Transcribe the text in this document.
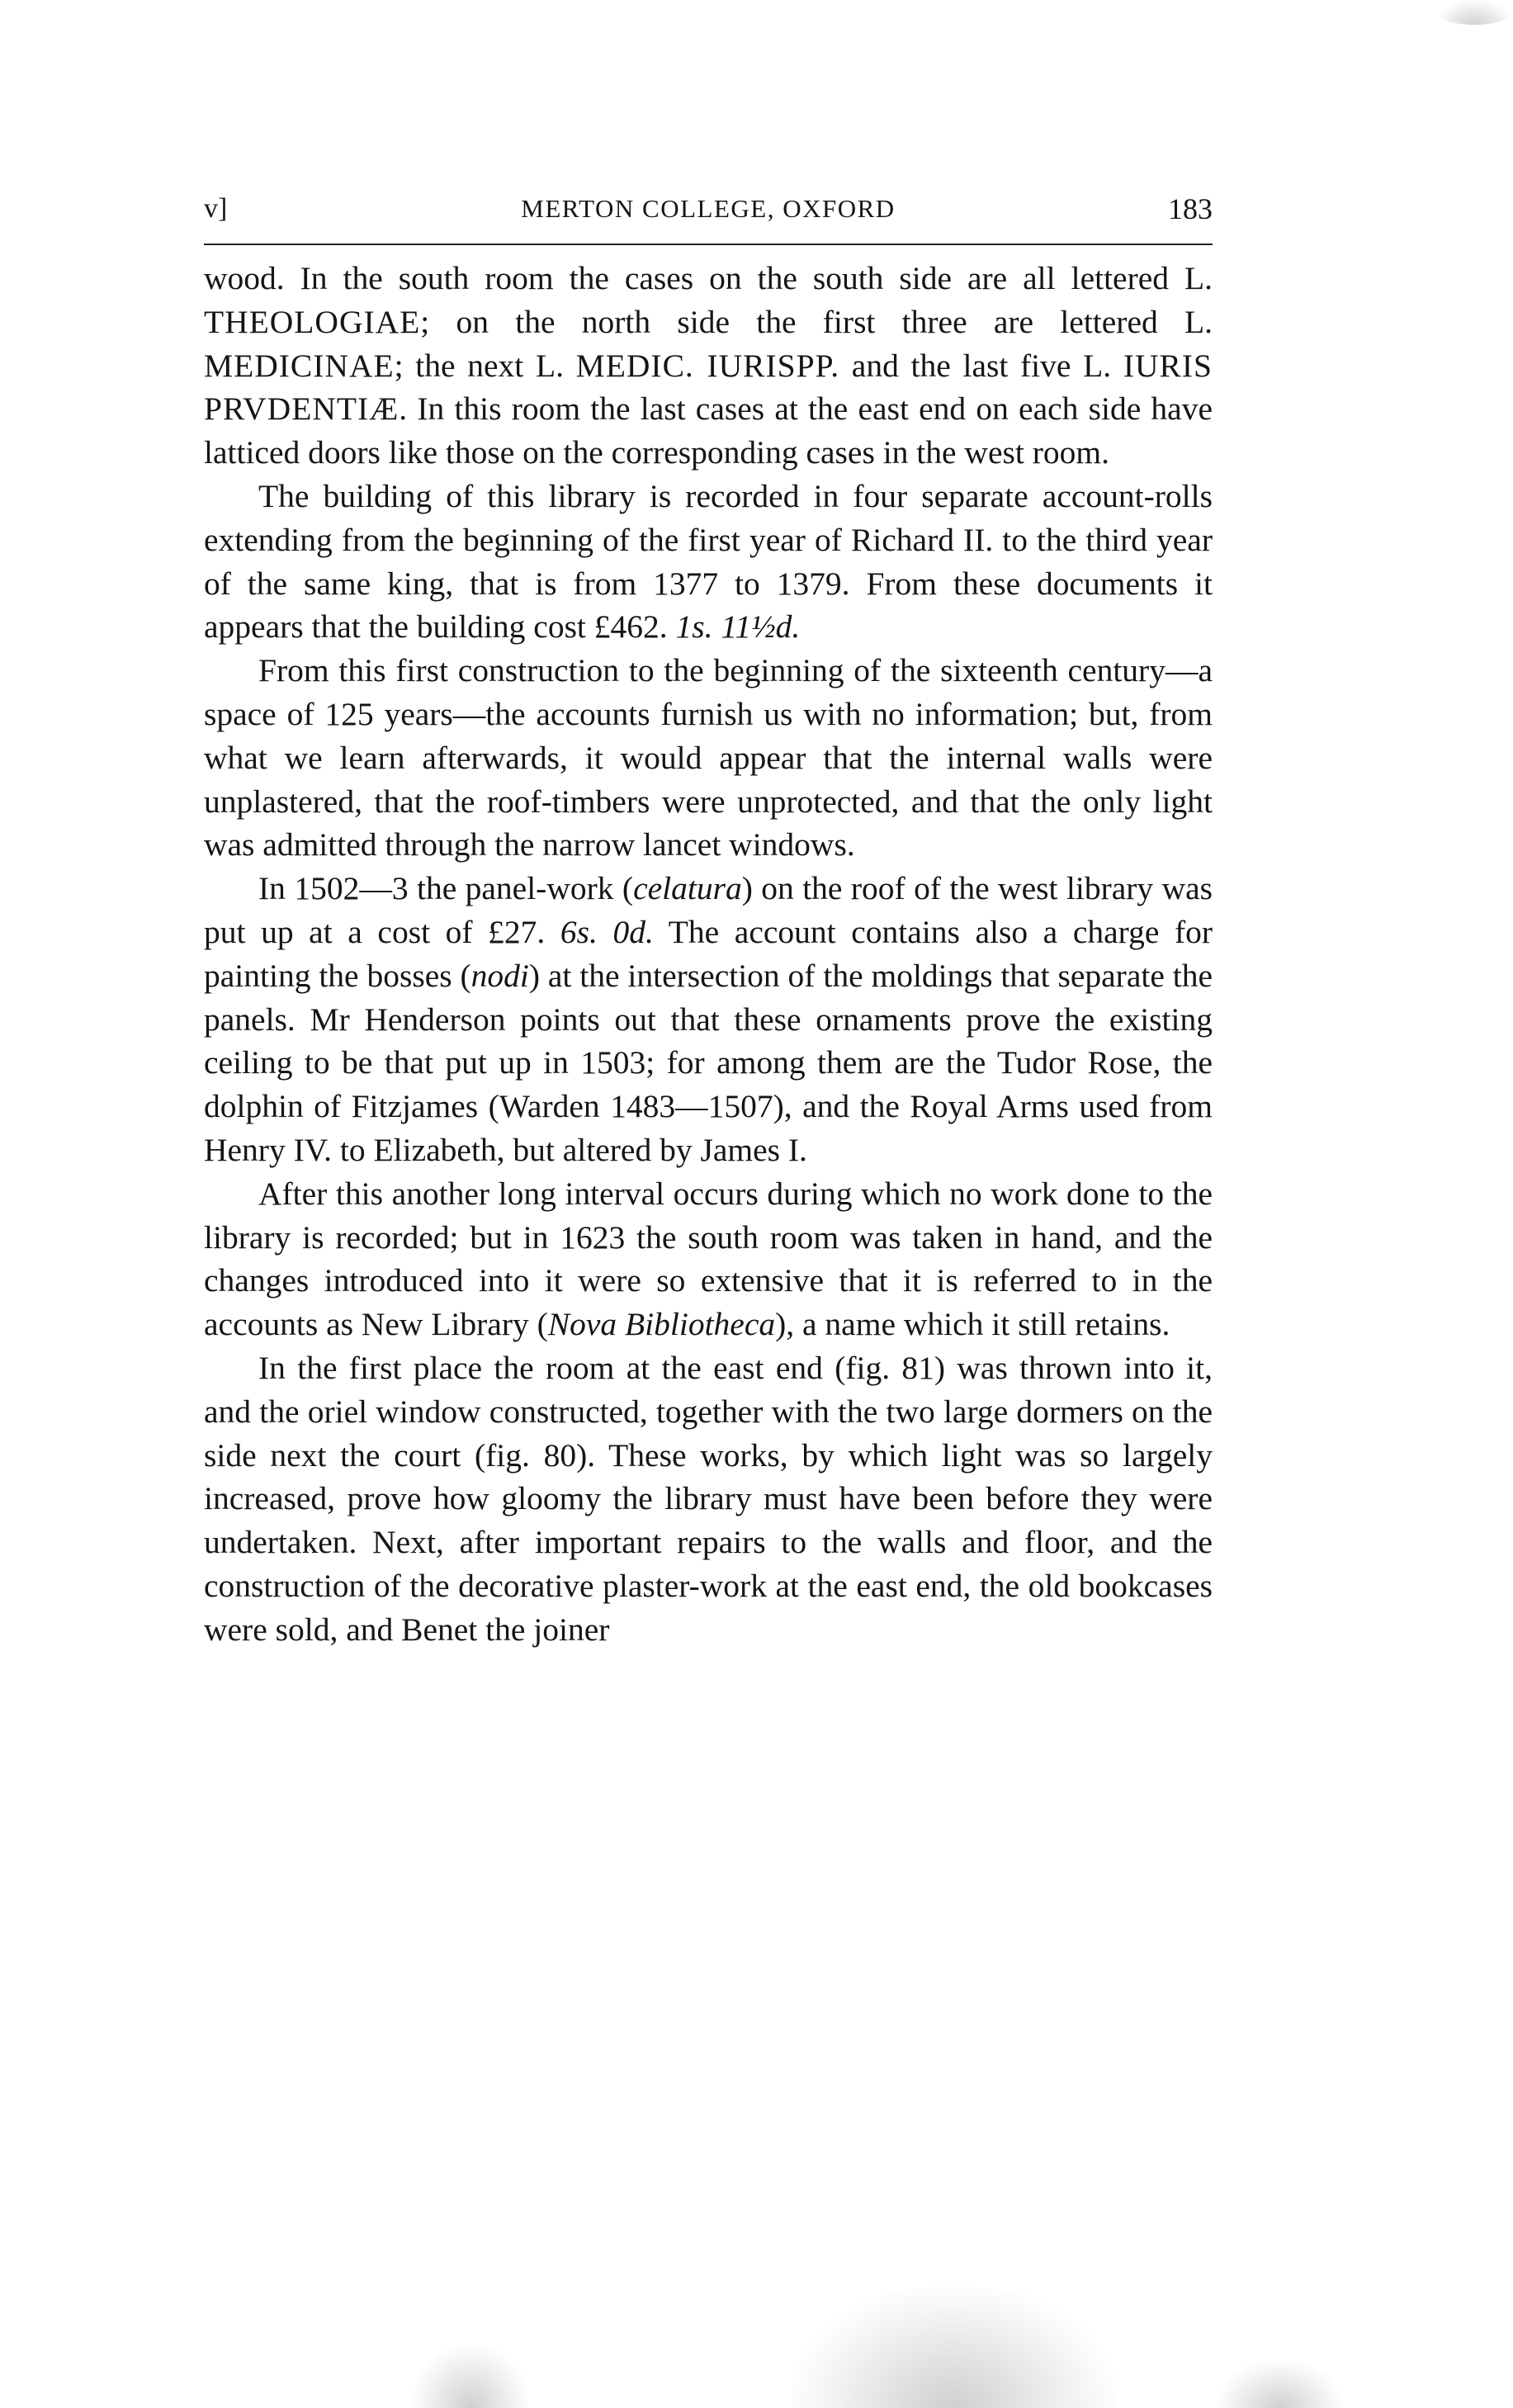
v]	MERTON COLLEGE, OXFORD	183

wood. In the south room the cases on the south side are all lettered L. THEOLOGIAE; on the north side the first three are lettered L. MEDICINAE; the next L. MEDIC. IURISPP. and the last five L. IURIS PRVDENTIÆ. In this room the last cases at the east end on each side have latticed doors like those on the corresponding cases in the west room.

The building of this library is recorded in four separate account-rolls extending from the beginning of the first year of Richard II. to the third year of the same king, that is from 1377 to 1379. From these documents it appears that the building cost £462. 1s. 11½d.

From this first construction to the beginning of the sixteenth century—a space of 125 years—the accounts furnish us with no information; but, from what we learn afterwards, it would appear that the internal walls were unplastered, that the roof-timbers were unprotected, and that the only light was admitted through the narrow lancet windows.

In 1502—3 the panel-work (celatura) on the roof of the west library was put up at a cost of £27. 6s. 0d. The account contains also a charge for painting the bosses (nodi) at the intersection of the moldings that separate the panels. Mr Henderson points out that these ornaments prove the existing ceiling to be that put up in 1503; for among them are the Tudor Rose, the dolphin of Fitzjames (Warden 1483—1507), and the Royal Arms used from Henry IV. to Elizabeth, but altered by James I.

After this another long interval occurs during which no work done to the library is recorded; but in 1623 the south room was taken in hand, and the changes introduced into it were so extensive that it is referred to in the accounts as New Library (Nova Bibliotheca), a name which it still retains.

In the first place the room at the east end (fig. 81) was thrown into it, and the oriel window constructed, together with the two large dormers on the side next the court (fig. 80). These works, by which light was so largely increased, prove how gloomy the library must have been before they were undertaken. Next, after important repairs to the walls and floor, and the construction of the decorative plaster-work at the east end, the old bookcases were sold, and Benet the joiner
